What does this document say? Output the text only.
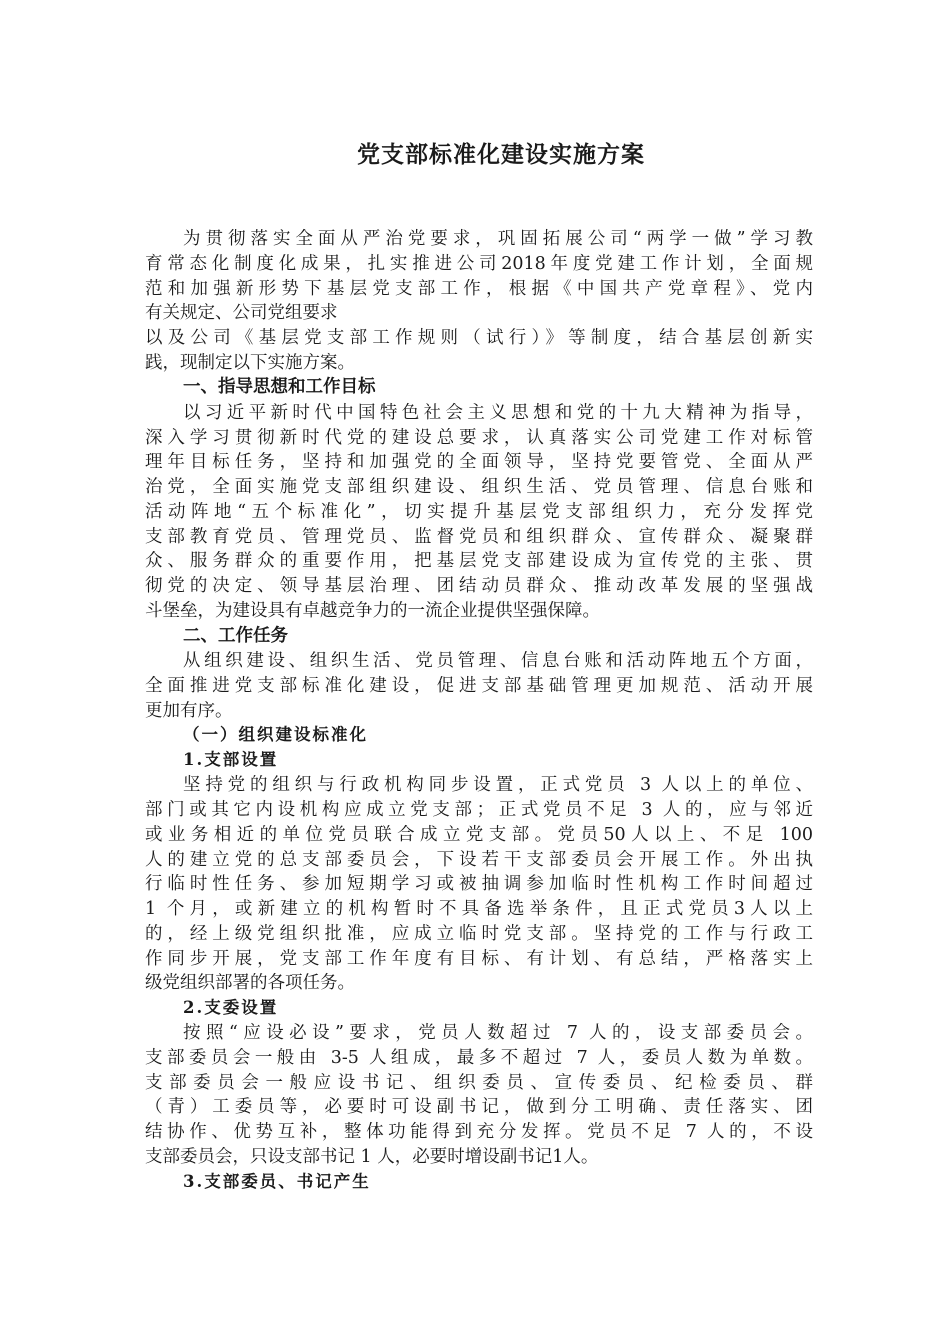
党支部标准化建设实施方案
为贯彻落实全面从严治党要求，巩固拓展公司“两学一做”学习教
育常态化制度化成果，扎实推进公司2018年度党建工作计划，全面规
范和加强新形势下基层党支部工作，根据《中国共产党章程》、党内
有关规定、公司党组要求
以及公司《基层党支部工作规则（试行）》等制度，结合基层创新实
践，现制定以下实施方案。
一、指导思想和工作目标
以习近平新时代中国特色社会主义思想和党的十九大精神为指导，
深入学习贯彻新时代党的建设总要求，认真落实公司党建工作对标管
理年目标任务，坚持和加强党的全面领导，坚持党要管党、全面从严
治党，全面实施党支部组织建设、组织生活、党员管理、信息台账和
活动阵地“五个标准化”，切实提升基层党支部组织力，充分发挥党
支部教育党员、管理党员、监督党员和组织群众、宣传群众、凝聚群
众、服务群众的重要作用，把基层党支部建设成为宣传党的主张、贯
彻党的决定、领导基层治理、团结动员群众、推动改革发展的坚强战
斗堡垒，为建设具有卓越竞争力的一流企业提供坚强保障。
二、工作任务
从组织建设、组织生活、党员管理、信息台账和活动阵地五个方面，
全面推进党支部标准化建设，促进支部基础管理更加规范、活动开展
更加有序。
（一）组织建设标准化
1.支部设置
坚持党的组织与行政机构同步设置，正式党员 3 人以上的单位、
部门或其它内设机构应成立党支部；正式党员不足 3 人的，应与邻近
或业务相近的单位党员联合成立党支部。党员50人以上、不足 100
人的建立党的总支部委员会，下设若干支部委员会开展工作。外出执
行临时性任务、参加短期学习或被抽调参加临时性机构工作时间超过
1 个月，或新建立的机构暂时不具备选举条件，且正式党员3人以上
的，经上级党组织批准，应成立临时党支部。坚持党的工作与行政工
作同步开展，党支部工作年度有目标、有计划、有总结，严格落实上
级党组织部署的各项任务。
2.支委设置
按照“应设必设”要求，党员人数超过 7 人的，设支部委员会。
支部委员会一般由 3-5 人组成，最多不超过 7 人，委员人数为单数。
支部委员会一般应设书记、组织委员、宣传委员、纪检委员、群
（青）工委员等，必要时可设副书记，做到分工明确、责任落实、团
结协作、优势互补，整体功能得到充分发挥。党员不足 7 人的，不设
支部委员会，只设支部书记 1 人，必要时增设副书记1人。
3.支部委员、书记产生
